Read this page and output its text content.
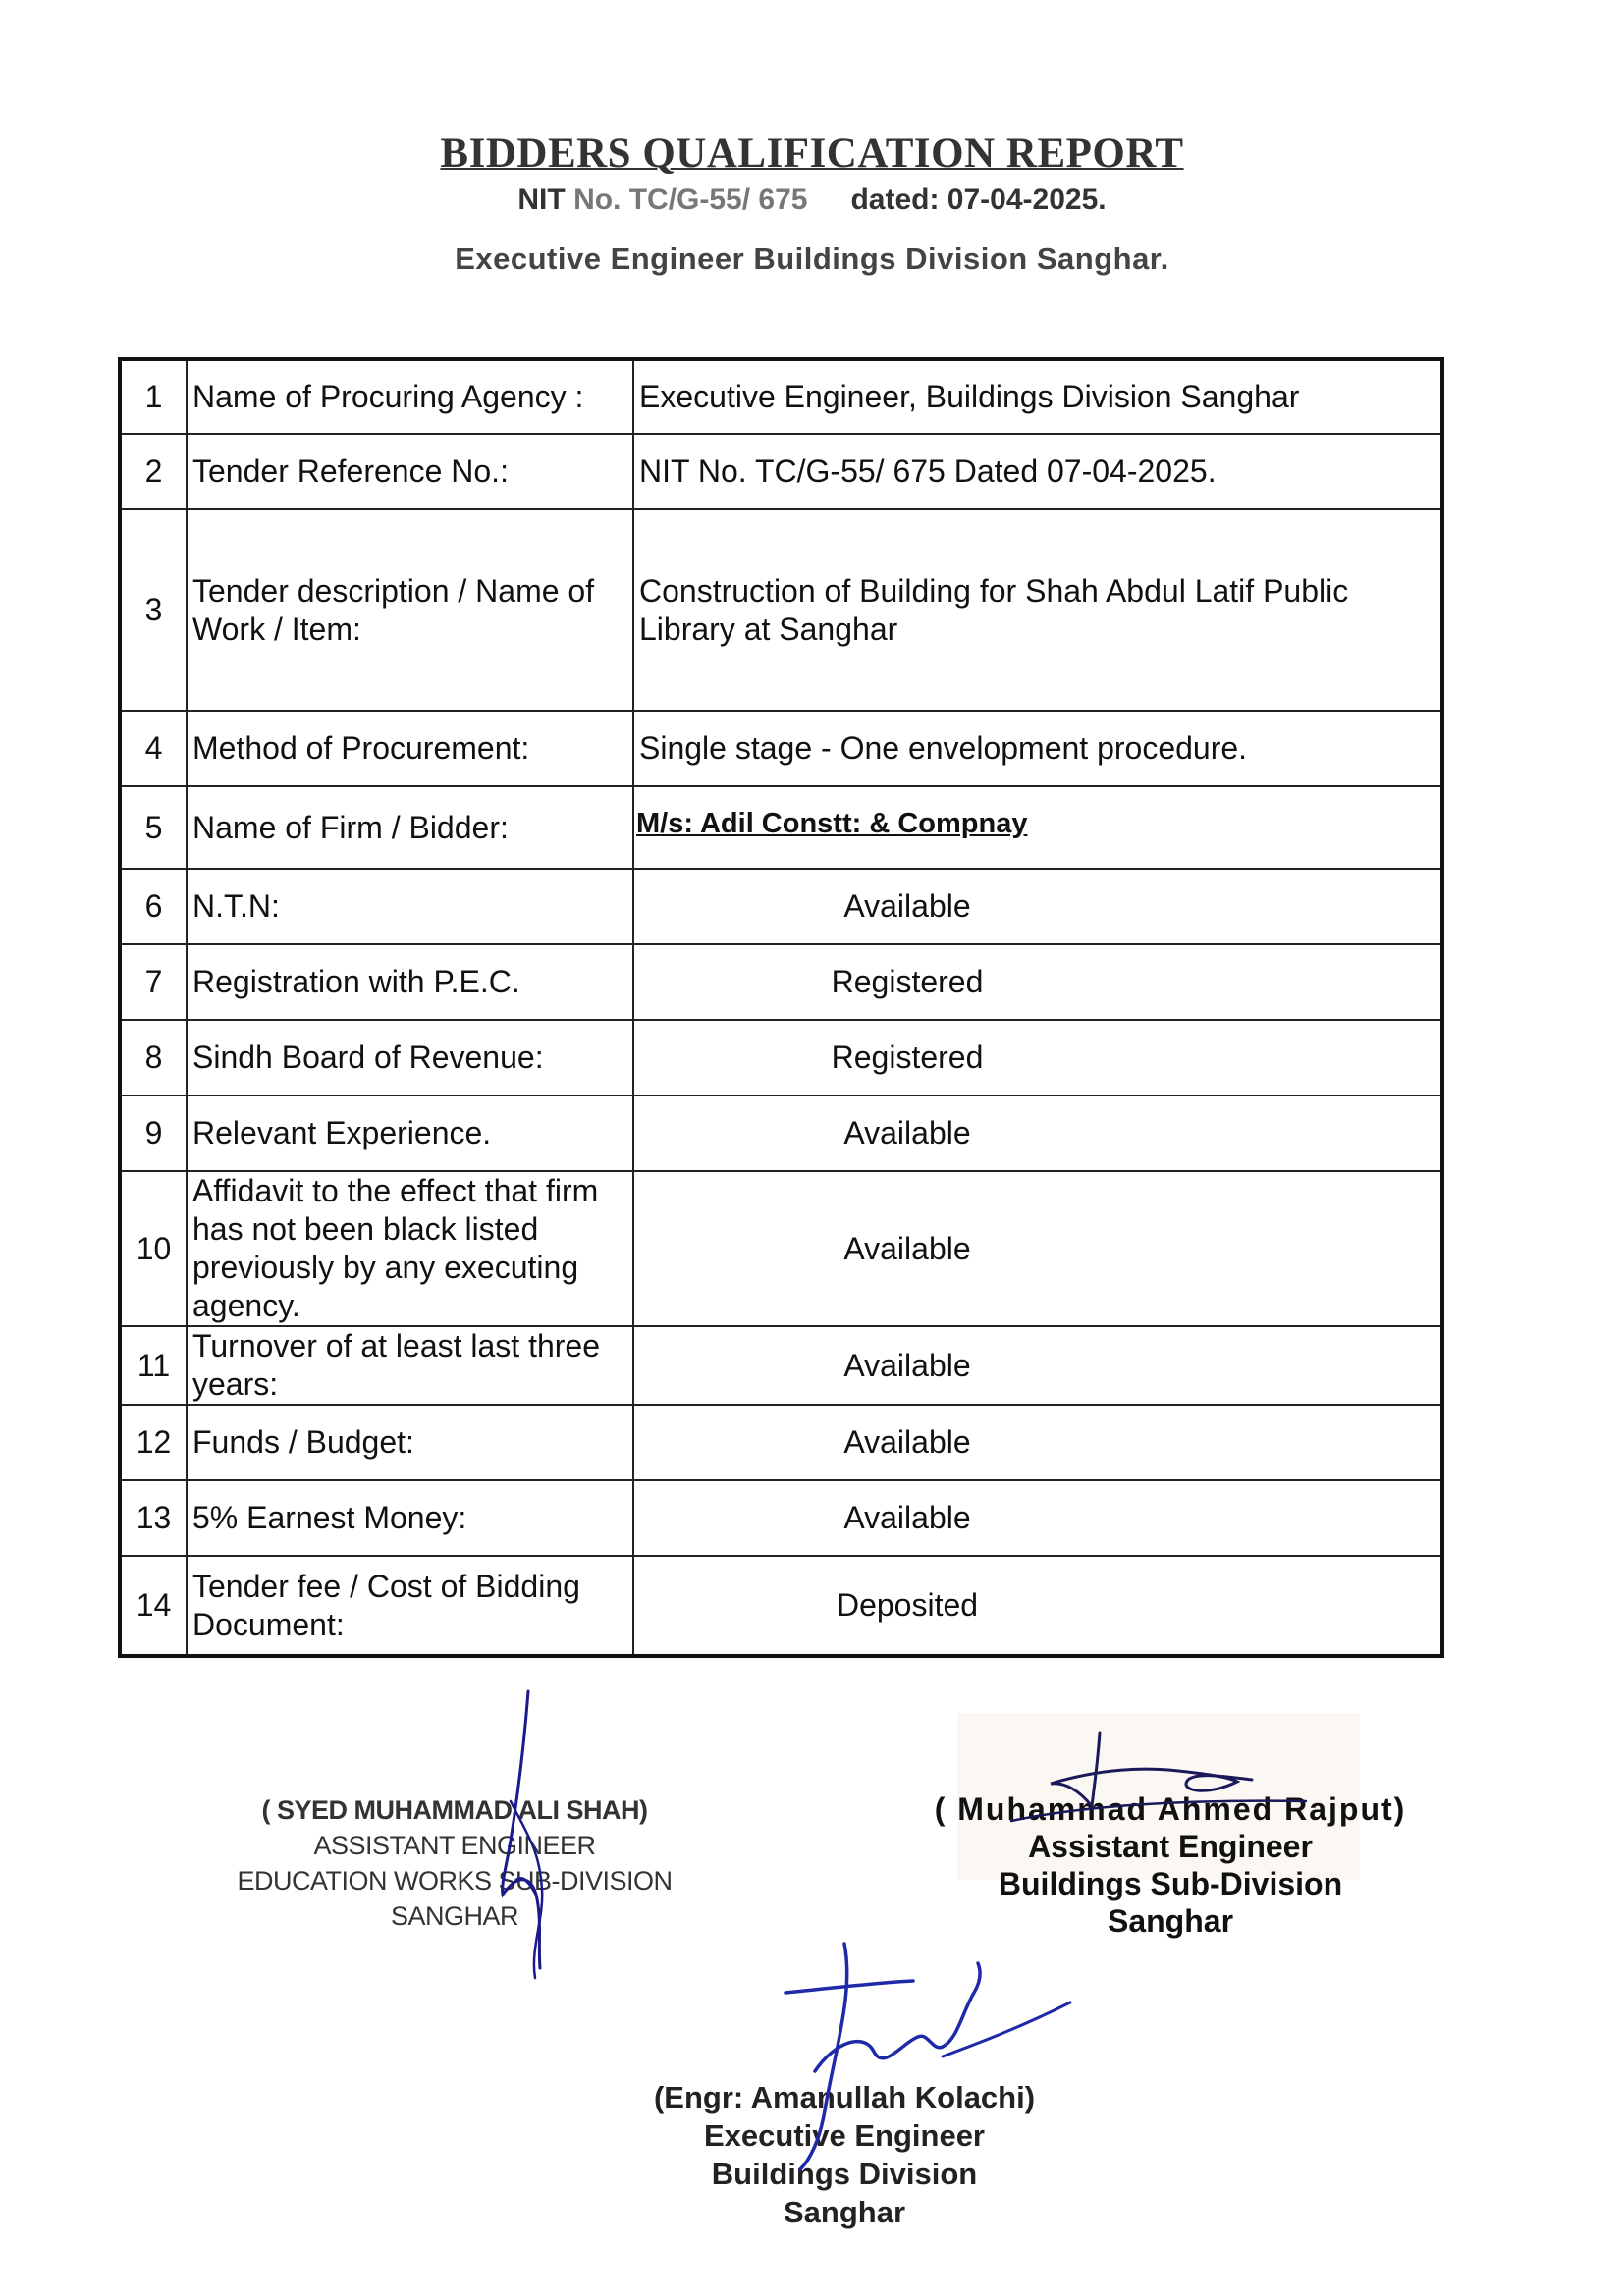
BIDDERS QUALIFICATION REPORT
NIT No. TC/G-55/ 675 dated: 07-04-2025.
Executive Engineer Buildings Division Sanghar.
1	Name of Procuring Agency :	Executive Engineer, Buildings Division Sanghar
2	Tender Reference No.:	NIT No. TC/G-55/ 675 Dated 07-04-2025.
3	Tender description / Name of Work / Item:	Construction of Building for Shah Abdul Latif Public Library at Sanghar
4	Method of Procurement:	Single stage - One envelopment procedure.
5	Name of Firm / Bidder:	M/s: Adil Constt: & Compnay
6	N.T.N:	Available
7	Registration with P.E.C.	Registered
8	Sindh Board of Revenue:	Registered
9	Relevant Experience.	Available
10	Affidavit to the effect that firm has not been black listed previously by any executing agency.	Available
11	Turnover of at least last three years:	Available
12	Funds / Budget:	Available
13	5% Earnest Money:	Available
14	Tender fee / Cost of Bidding Document:	Deposited
( SYED MUHAMMAD ALI SHAH)
ASSISTANT ENGINEER
EDUCATION WORKS SUB-DIVISION
SANGHAR
( Muhammad Ahmed Rajput)
Assistant Engineer
Buildings Sub-Division
Sanghar
(Engr: Amanullah Kolachi)
Executive Engineer
Buildings Division
Sanghar
